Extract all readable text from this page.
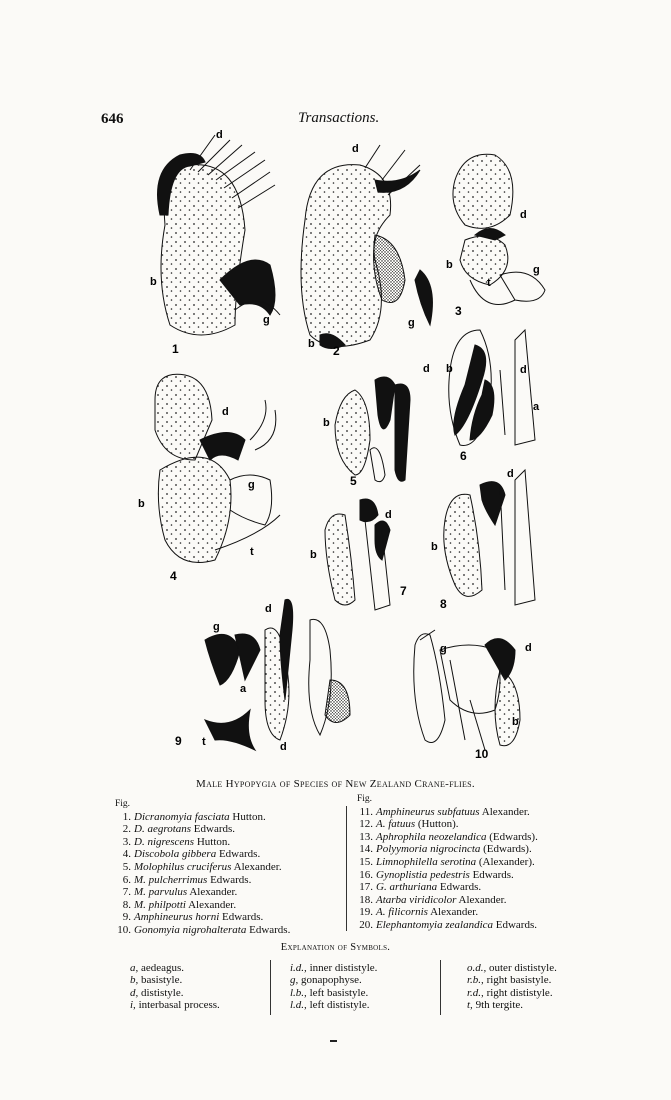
646	Transactions.
1	2
3
4
5
6
7
8
9
10
d
d
d
d
d	d
d
d
d
d
d
b
b
b
b
b
b
b
b
b
g	g
g
g
g
g
t
t
t
a
a
Male Hypopygia of Species of New Zealand Crane-flies.
Fig.
1. Dicranomyia fasciata Hutton.
2. D. aegrotans Edwards.
3. D. nigrescens Hutton.
4. Discobola gibbera Edwards.
5. Molophilus cruciferus Alexander.
6. M. pulcherrimus Edwards.
7. M. parvulus Alexander.
8. M. philpotti Alexander.
9. Amphineurus horni Edwards.
10. Gonomyia nigrohalterata Edwards.
Fig.
11. Amphineurus subfatuus Alexander.
12. A. fatuus (Hutton).
13. Aphrophila neozelandica (Edwards).
14. Polyymoria nigrocincta (Edwards).
15. Limnophilella serotina (Alexander).
16. Gynoplistia pedestris Edwards.
17. G. arthuriana Edwards.
18. Atarba viridicolor Alexander.
19. A. filicornis Alexander.
20. Elephantomyia zealandica Edwards.
Explanation of Symbols.
a, aedeagus.
b, basistyle.
d, dististyle.
i, interbasal process.
i.d., inner dististyle.
g, gonapophyse.
l.b., left basistyle.
l.d., left dististyle.
o.d., outer dististyle.
r.b., right basistyle.
r.d., right dististyle.
t, 9th tergite.
